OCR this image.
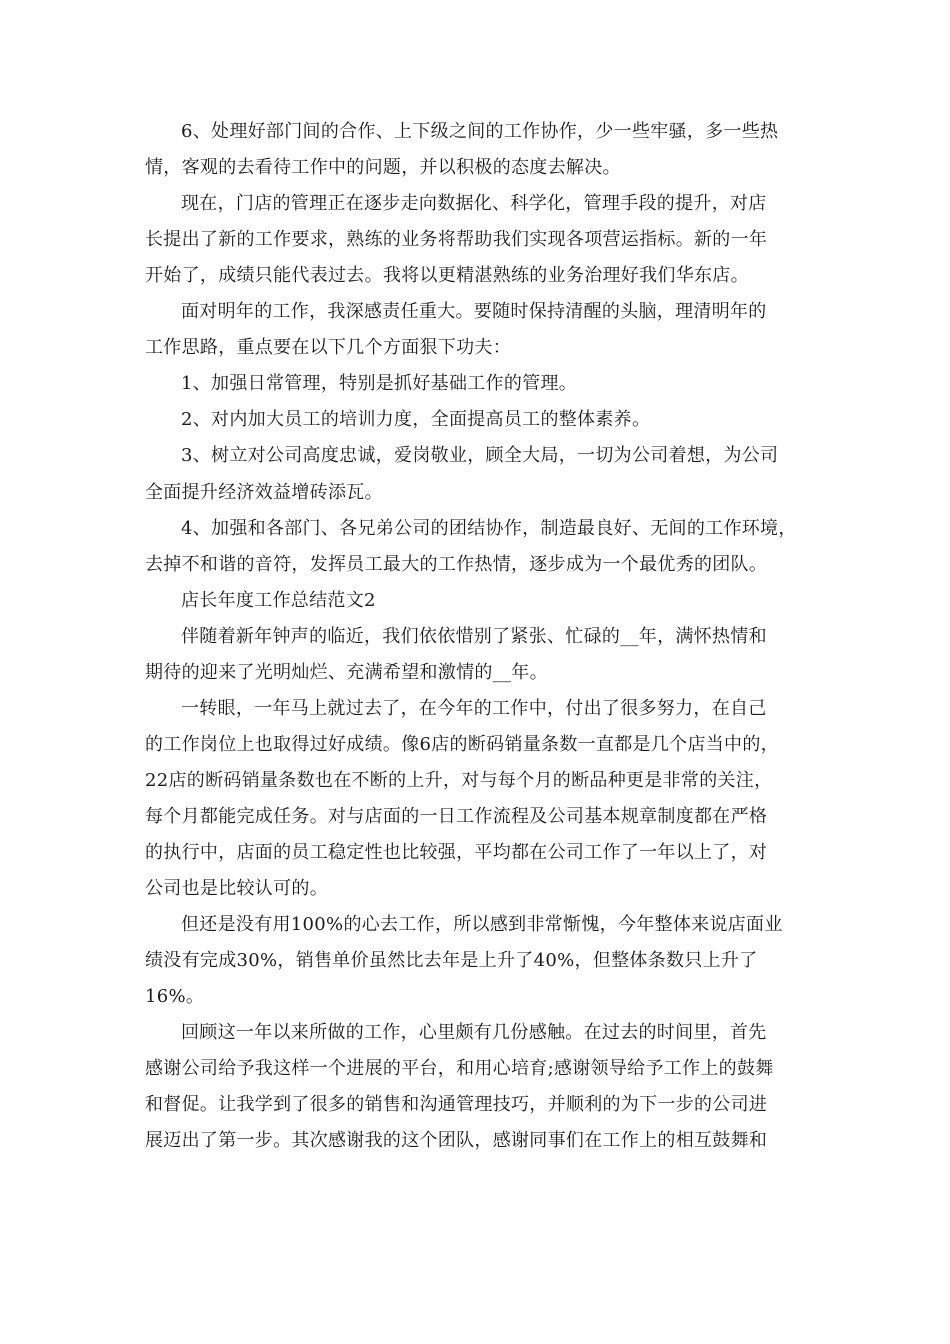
6、处理好部门间的合作、上下级之间的工作协作，少一些牢骚，多一些热
情，客观的去看待工作中的问题，并以积极的态度去解决。
现在，门店的管理正在逐步走向数据化、科学化，管理手段的提升，对店
长提出了新的工作要求，熟练的业务将帮助我们实现各项营运指标。新的一年
开始了，成绩只能代表过去。我将以更精湛熟练的业务治理好我们华东店。
面对明年的工作，我深感责任重大。要随时保持清醒的头脑，理清明年的
工作思路，重点要在以下几个方面狠下功夫：
1、加强日常管理，特别是抓好基础工作的管理。
2、对内加大员工的培训力度，全面提高员工的整体素养。
3、树立对公司高度忠诚，爱岗敬业，顾全大局，一切为公司着想，为公司
全面提升经济效益增砖添瓦。
4、加强和各部门、各兄弟公司的团结协作，制造最良好、无间的工作环境，
去掉不和谐的音符，发挥员工最大的工作热情，逐步成为一个最优秀的团队。
店长年度工作总结范文2
伴随着新年钟声的临近，我们依依惜别了紧张、忙碌的__年，满怀热情和
期待的迎来了光明灿烂、充满希望和激情的__年。
一转眼，一年马上就过去了，在今年的工作中，付出了很多努力，在自己
的工作岗位上也取得过好成绩。像6店的断码销量条数一直都是几个店当中的，
22店的断码销量条数也在不断的上升，对与每个月的断品种更是非常的关注，
每个月都能完成任务。对与店面的一日工作流程及公司基本规章制度都在严格
的执行中，店面的员工稳定性也比较强，平均都在公司工作了一年以上了，对
公司也是比较认可的。
但还是没有用100%的心去工作，所以感到非常惭愧，今年整体来说店面业
绩没有完成30%，销售单价虽然比去年是上升了40%，但整体条数只上升了
16%。
回顾这一年以来所做的工作，心里颇有几份感触。在过去的时间里，首先
感谢公司给予我这样一个进展的平台，和用心培育;感谢领导给予工作上的鼓舞
和督促。让我学到了很多的销售和沟通管理技巧，并顺利的为下一步的公司进
展迈出了第一步。其次感谢我的这个团队，感谢同事们在工作上的相互鼓舞和
